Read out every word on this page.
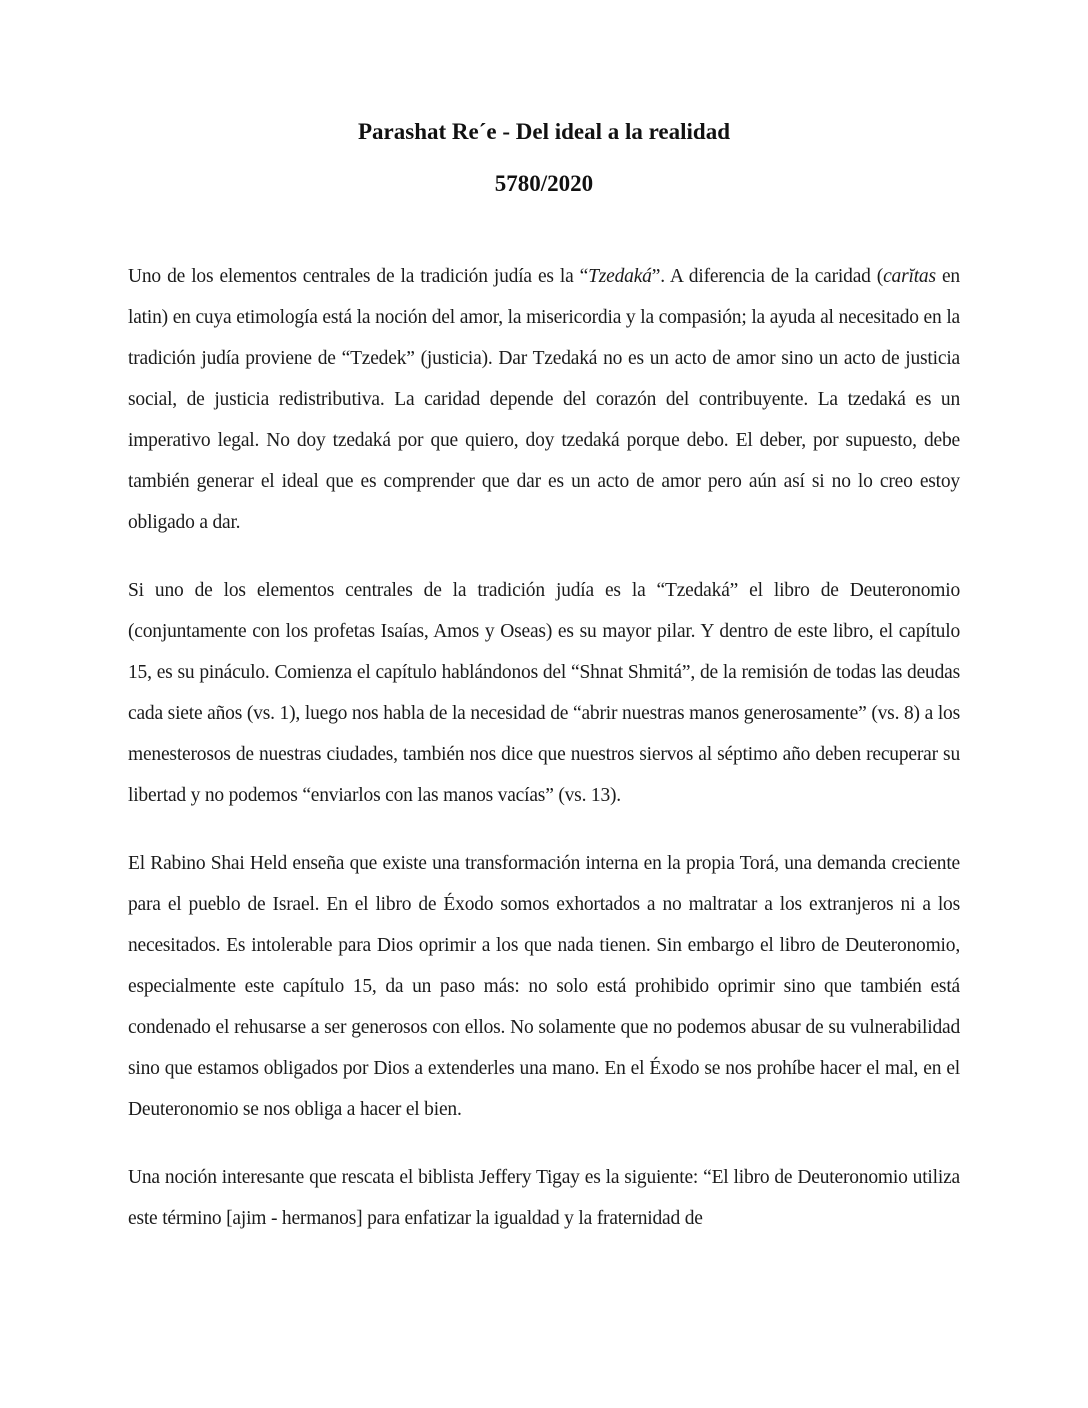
Parashat Re´e - Del ideal a la realidad
5780/2020

Uno de los elementos centrales de la tradición judía es la “Tzedaká”. A diferencia de la caridad (carĭtas en latin) en cuya etimología está la noción del amor, la misericordia y la compasión; la ayuda al necesitado en la tradición judía proviene de “Tzedek” (justicia). Dar Tzedaká no es un acto de amor sino un acto de justicia social, de justicia redistributiva. La caridad depende del corazón del contribuyente. La tzedaká es un imperativo legal. No doy tzedaká por que quiero, doy tzedaká porque debo. El deber, por supuesto, debe también generar el ideal que es comprender que dar es un acto de amor pero aún así si no lo creo estoy obligado a dar.

Si uno de los elementos centrales de la tradición judía es la “Tzedaká” el libro de Deuteronomio (conjuntamente con los profetas Isaías, Amos y Oseas) es su mayor pilar. Y dentro de este libro, el capítulo 15, es su pináculo. Comienza el capítulo hablándonos del “Shnat Shmitá”, de la remisión de todas las deudas cada siete años (vs. 1), luego nos habla de la necesidad de “abrir nuestras manos generosamente” (vs. 8) a los menesterosos de nuestras ciudades, también nos dice que nuestros siervos al séptimo año deben recuperar su libertad y no podemos “enviarlos con las manos vacías” (vs. 13).

El Rabino Shai Held enseña que existe una transformación interna en la propia Torá, una demanda creciente para el pueblo de Israel. En el libro de Éxodo somos exhortados a no maltratar a los extranjeros ni a los necesitados. Es intolerable para Dios oprimir a los que nada tienen. Sin embargo el libro de Deuteronomio, especialmente este capítulo 15, da un paso más: no solo está prohibido oprimir sino que también está condenado el rehusarse a ser generosos con ellos. No solamente que no podemos abusar de su vulnerabilidad sino que estamos obligados por Dios a extenderles una mano. En el Éxodo se nos prohíbe hacer el mal, en el Deuteronomio se nos obliga a hacer el bien.

Una noción interesante que rescata el biblista Jeffery Tigay es la siguiente: “El libro de Deuteronomio utiliza este término [ajim - hermanos] para enfatizar la igualdad y la fraternidad de
